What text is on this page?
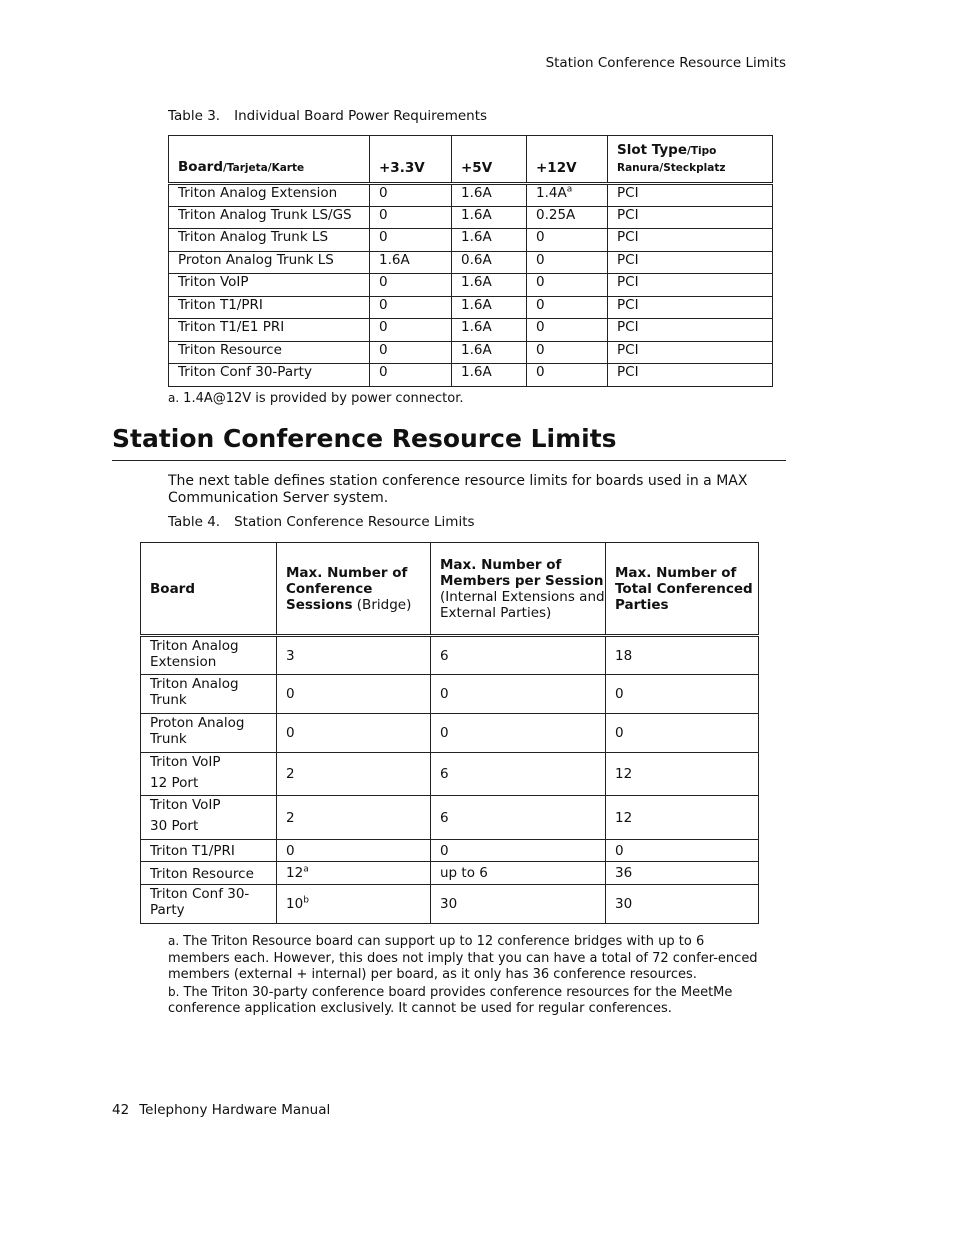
Station Conference Resource Limits
Table 3. Individual Board Power Requirements
Board/Tarjeta/Karte	+3.3V	+5V	+12V	Slot Type/Tipo
Ranura/Steckplatz
Triton Analog Extension	0	1.6A	$1.4A^a$	PCI
Triton Analog Trunk LS/GS	0	1.6A	0.25A	PCI
Triton Analog Trunk LS	0	1.6A	0	PCI
Proton Analog Trunk LS	1.6A	0.6A	0	PCI
Triton VoIP	0	1.6A	0	PCI
Triton T1/PRI	0	1.6A	0	PCI
Triton T1/E1 PRI	0	1.6A	0	PCI
Triton Resource	0	1.6A	0	PCI
Triton Conf 30-Party	0	1.6A	0	PCI
a. 1.4A@12V is provided by power connector.
Station Conference Resource Limits
The next table defines station conference resource limits for boards used in a MAX Communication Server system.
Table 4. Station Conference Resource Limits
Board	Max. Number of Conference Sessions (Bridge)	Max. Number of Members per Session (Internal Extensions and External Parties)	Max. Number of Total Conferenced Parties

Triton Analog
Extension	3	6	18

Triton Analog
Trunk	0	0	0

Proton Analog
Trunk	0	0	0

Triton VoIP
12 Port	2	6	12

Triton VoIP
30 Port	2	6	12

Triton T1/PRI	0	0	0

Triton Resource	12$^a$	up to 6	36

Triton Conf 30-
Party	10$^b$	30	30
a. The Triton Resource board can support up to 12 conference bridges with up to 6 members each. However, this does not imply that you can have a total of 72 confer-enced members (external + internal) per board, as it only has 36 conference resources.
b. The Triton 30-party conference board provides conference resources for the MeetMe conference application exclusively. It cannot be used for regular conferences.
42 Telephony Hardware Manual
